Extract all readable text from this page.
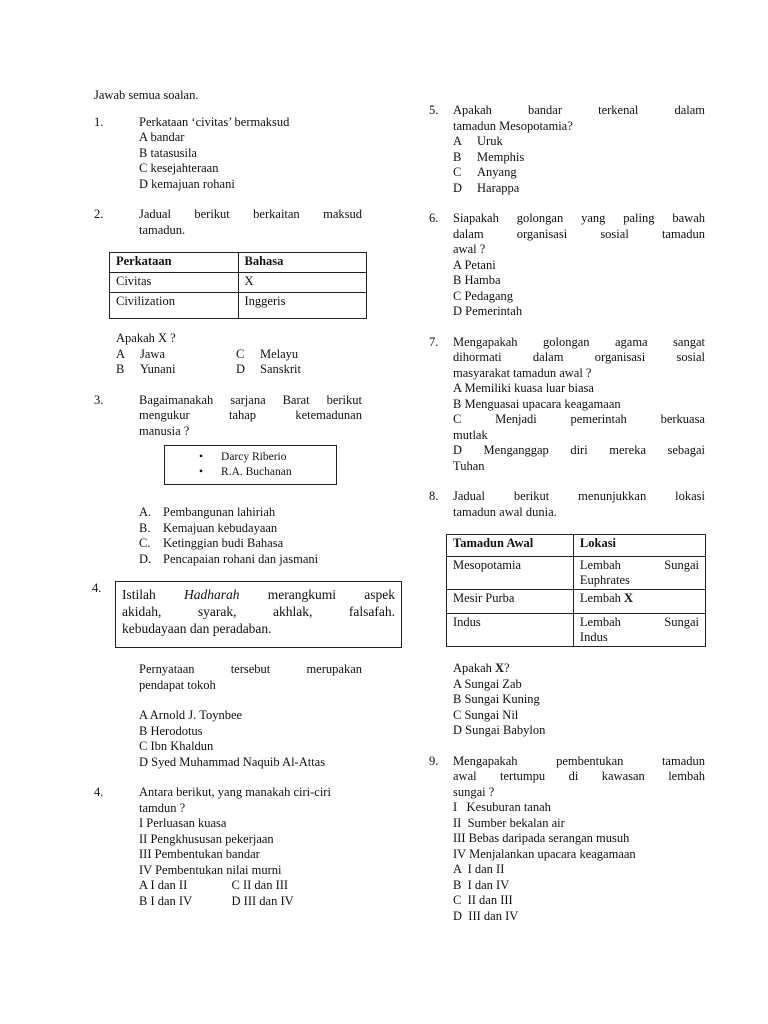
Jawab semua soalan.
1.	Perkataan ‘civitas’ bermaksud
A bandar
B tatasusila
C kesejahteraan
D kemajuan rohani
2.	Jadual berikut berkaitan maksud
tamadun.
Perkataan	Bahasa
Civitas	X
Civilization	Inggeris
Apakah X ?
A	Jawa	C	Melayu
B	Yunani	D	Sanskrit
3.	Bagaimanakah sarjana Barat berikut
mengukur tahap ketemadunan
manusia ?
• Darcy Riberio
• R.A. Buchanan
A. Pembangunan lahiriah
B.	Kemajuan kebudayaan
C.	Ketinggian budi Bahasa
D. Pencapaian rohani dan jasmani
4.	Istilah Hadharah merangkumi aspek
akidah, syarak, akhlak, falsafah.
kebudayaan dan peradaban.
Pernyataan tersebut merupakan
pendapat tokoh
A Arnold J. Toynbee
B Herodotus
C Ibn Khaldun
D Syed Muhammad Naquib Al-Attas
4.	Antara berikut, yang manakah ciri-ciri
tamdun ?
I Perluasan kuasa
II Pengkhususan pekerjaan
III Pembentukan bandar
IV Pembentukan nilai murni
A I dan II	C II dan III
B I dan IV	D III dan IV
5.	Apakah bandar terkenal dalam
tamadun Mesopotamia?
A	Uruk
B	Memphis
C	Anyang
D	Harappa
6.	Siapakah golongan yang paling bawah
dalam organisasi sosial tamadun
awal ?
A Petani
B Hamba
C Pedagang
D Pemerintah
7.	Mengapakah golongan agama sangat
dihormati dalam organisasi sosial
masyarakat tamadun awal ?
A Memiliki kuasa luar biasa
B Menguasai upacara keagamaan
C Menjadi pemerintah berkuasa
mutlak
D Menganggap diri mereka sebagai
Tuhan
8.	Jadual berikut menunjukkan lokasi
tamadun awal dunia.
Tamadun Awal	Lokasi
Mesopotamia	Lembah Sungai
Euphrates

Mesir Purba	Lembah X
Indus	Lembah Sungai
Indus
Apakah X?
A Sungai Zab
B Sungai Kuning
C Sungai Nil
D Sungai Babylon
9.	Mengapakah pembentukan tamadun
awal tertumpu di kawasan lembah
sungai ?
I   Kesuburan tanah
II  Sumber bekalan air
III Bebas daripada serangan musuh
IV Menjalankan upacara keagamaan
A  I dan II
B  I dan IV
C  II dan III
D  III dan IV
